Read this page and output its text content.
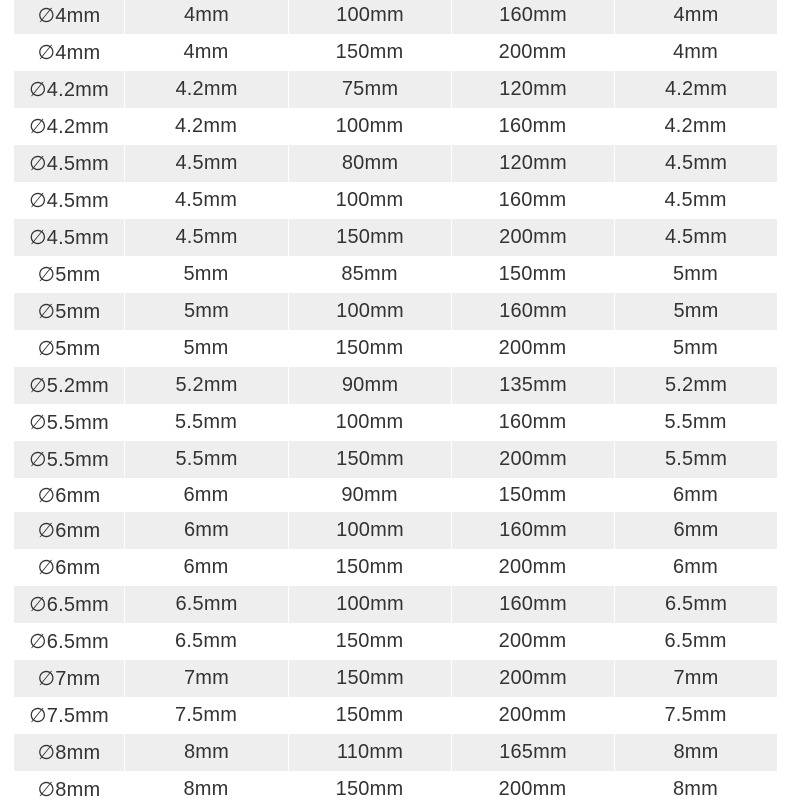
∅4mm	4mm	100mm	160mm	4mm
∅4mm	4mm	150mm	200mm	4mm
∅4.2mm	4.2mm	75mm	120mm	4.2mm
∅4.2mm	4.2mm	100mm	160mm	4.2mm
∅4.5mm	4.5mm	80mm	120mm	4.5mm
∅4.5mm	4.5mm	100mm	160mm	4.5mm
∅4.5mm	4.5mm	150mm	200mm	4.5mm
∅5mm	5mm	85mm	150mm	5mm
∅5mm	5mm	100mm	160mm	5mm
∅5mm	5mm	150mm	200mm	5mm
∅5.2mm	5.2mm	90mm	135mm	5.2mm
∅5.5mm	5.5mm	100mm	160mm	5.5mm
∅5.5mm	5.5mm	150mm	200mm	5.5mm
∅6mm	6mm	90mm	150mm	6mm
∅6mm	6mm	100mm	160mm	6mm
∅6mm	6mm	150mm	200mm	6mm
∅6.5mm	6.5mm	100mm	160mm	6.5mm
∅6.5mm	6.5mm	150mm	200mm	6.5mm
∅7mm	7mm	150mm	200mm	7mm
∅7.5mm	7.5mm	150mm	200mm	7.5mm
∅8mm	8mm	110mm	165mm	8mm
∅8mm	8mm	150mm	200mm	8mm
